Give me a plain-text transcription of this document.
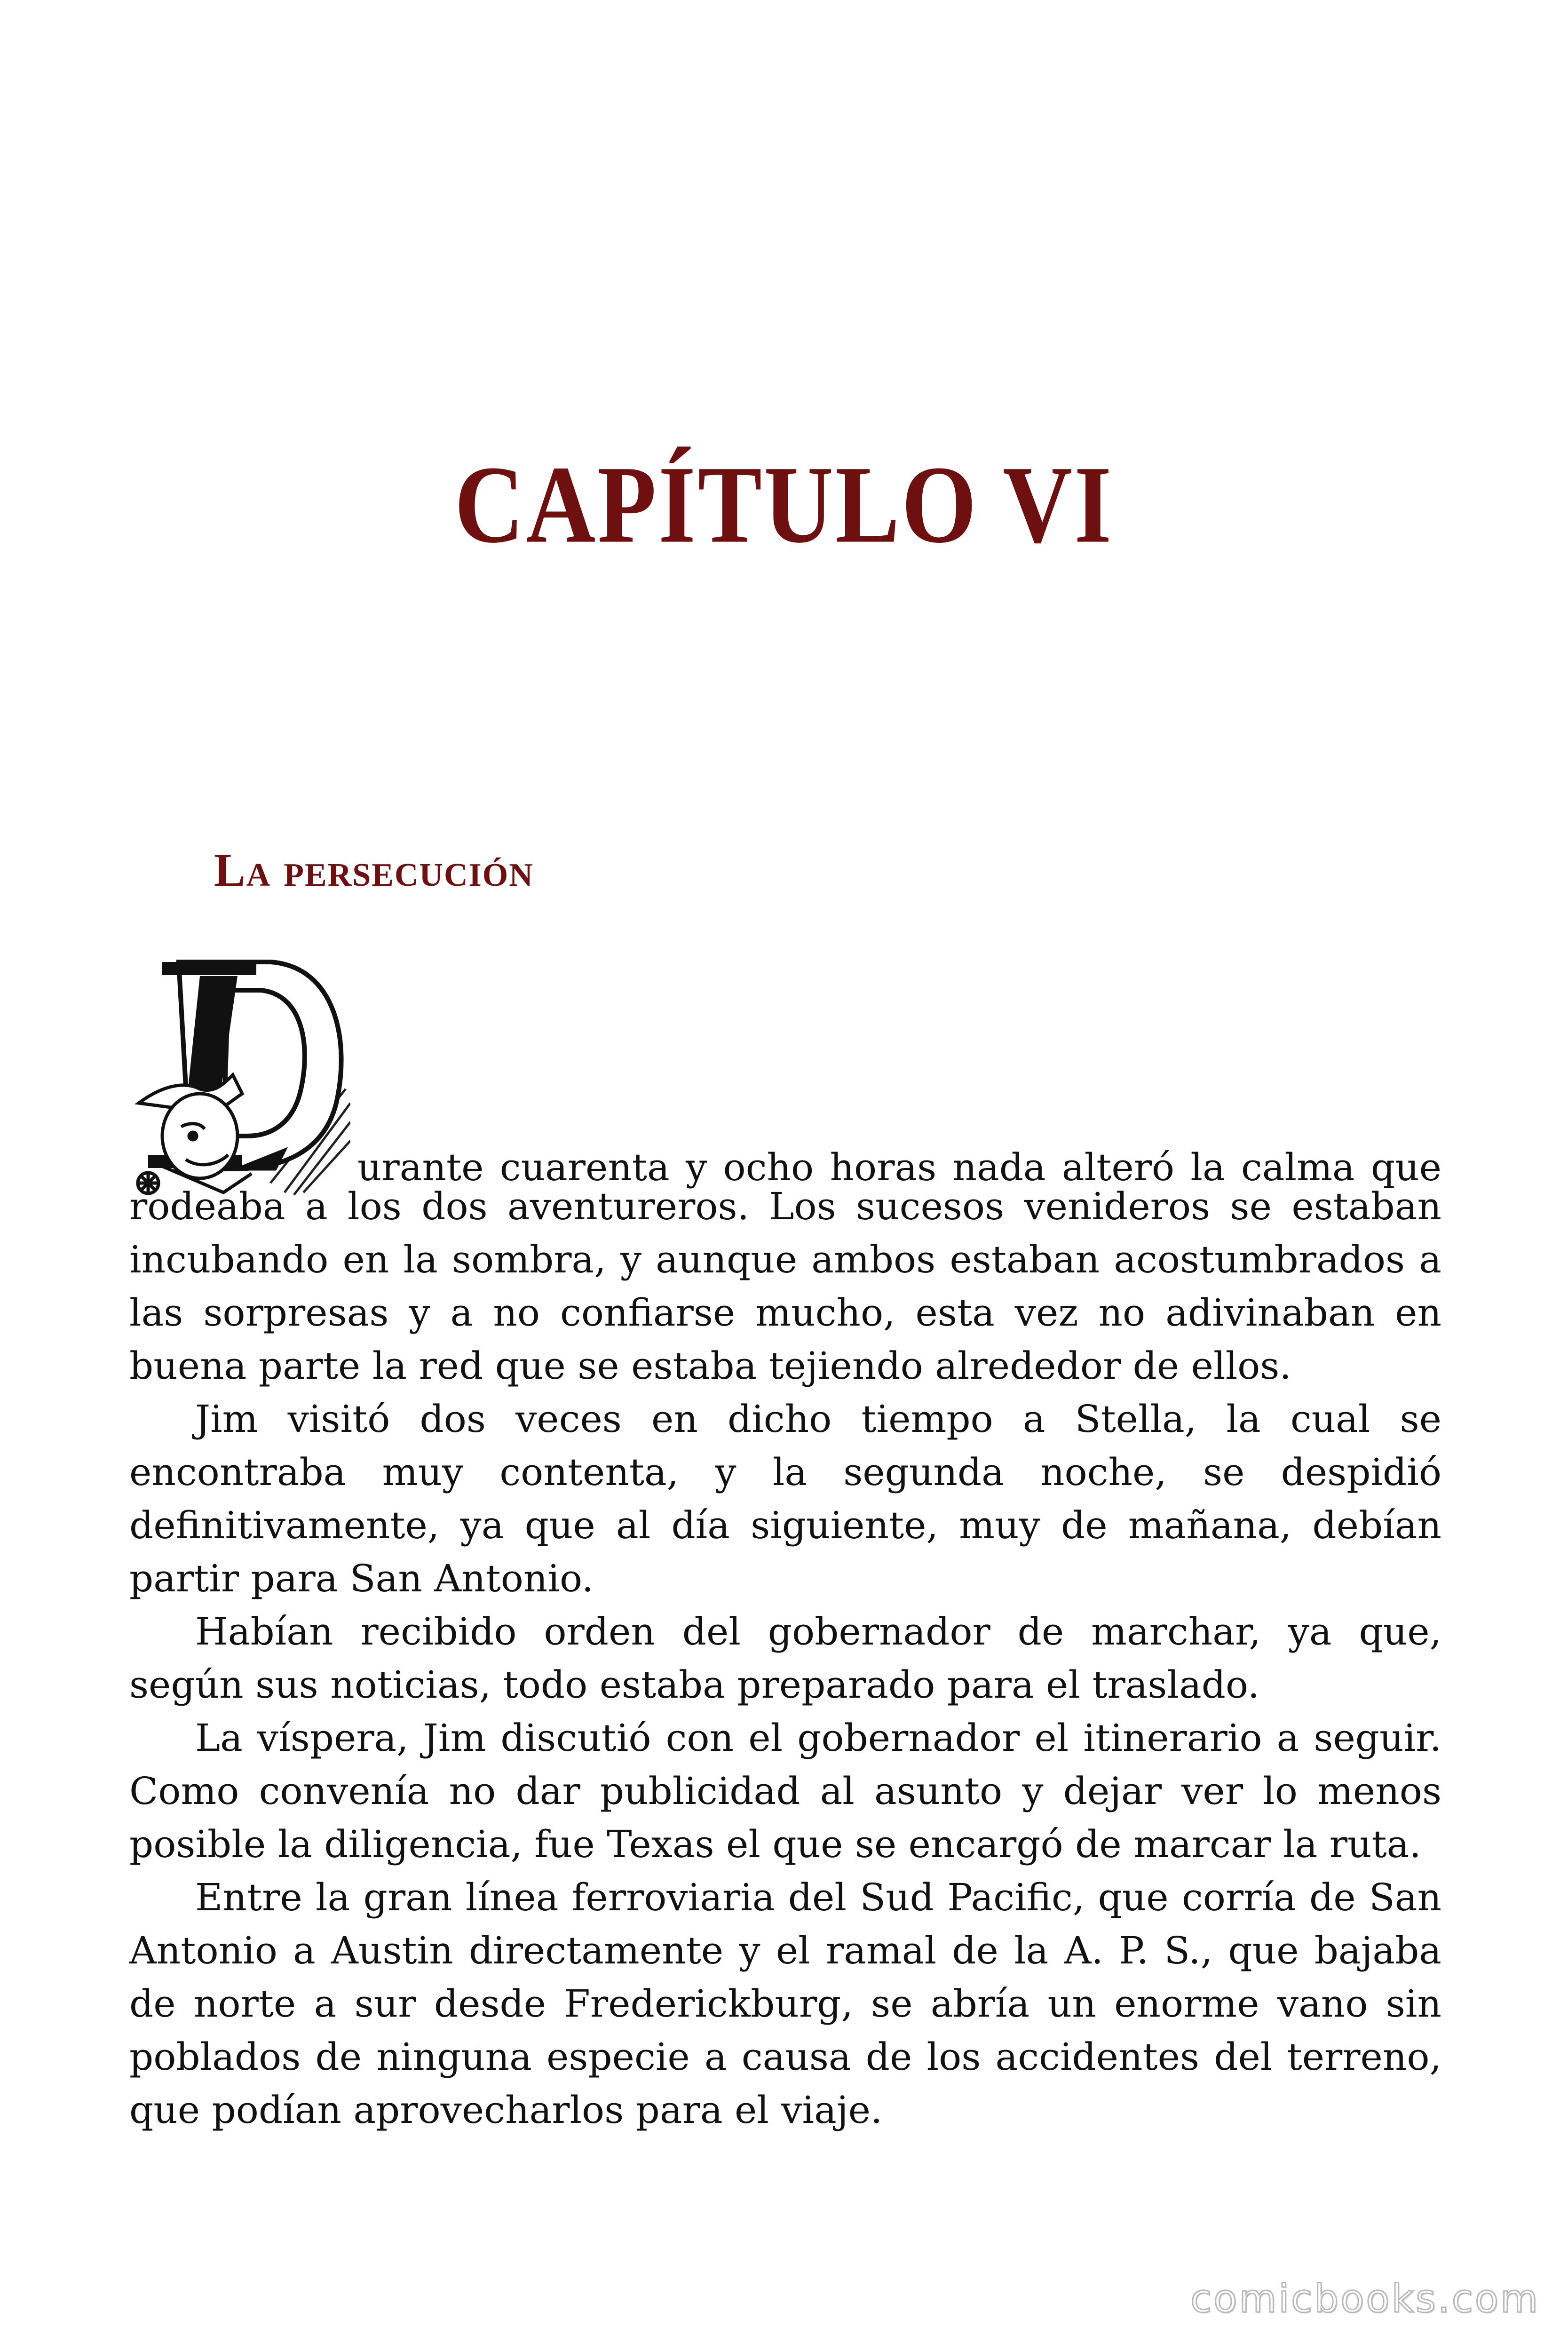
CAPÍTULO VI
La persecución

urante cuarenta y ocho horas nada alteró la calma que
rodeaba a los dos aventureros. Los sucesos venideros se estaban incubando en la sombra, y aunque ambos estaban acostumbrados a las sorpresas y a no confiarse mucho, esta vez no adivinaban en buena parte la red que se estaba tejiendo alrededor de ellos.

Jim visitó dos veces en dicho tiempo a Stella, la cual se encontraba muy contenta, y la segunda noche, se despidió definitivamente, ya que al día siguiente, muy de mañana, debían partir para San Antonio.

Habían recibido orden del gobernador de marchar, ya que, según sus noticias, todo estaba preparado para el traslado.

La víspera, Jim discutió con el gobernador el itinerario a seguir. Como convenía no dar publicidad al asunto y dejar ver lo menos posible la diligencia, fue Texas el que se encargó de marcar la ruta.

Entre la gran línea ferroviaria del Sud Pacific, que corría de San Antonio a Austin directamente y el ramal de la A. P. S., que bajaba de norte a sur desde Frederickburg, se abría un enorme vano sin poblados de ninguna especie a causa de los accidentes del terreno, que podían aprovecharlos para el viaje.

comicbooks.com
